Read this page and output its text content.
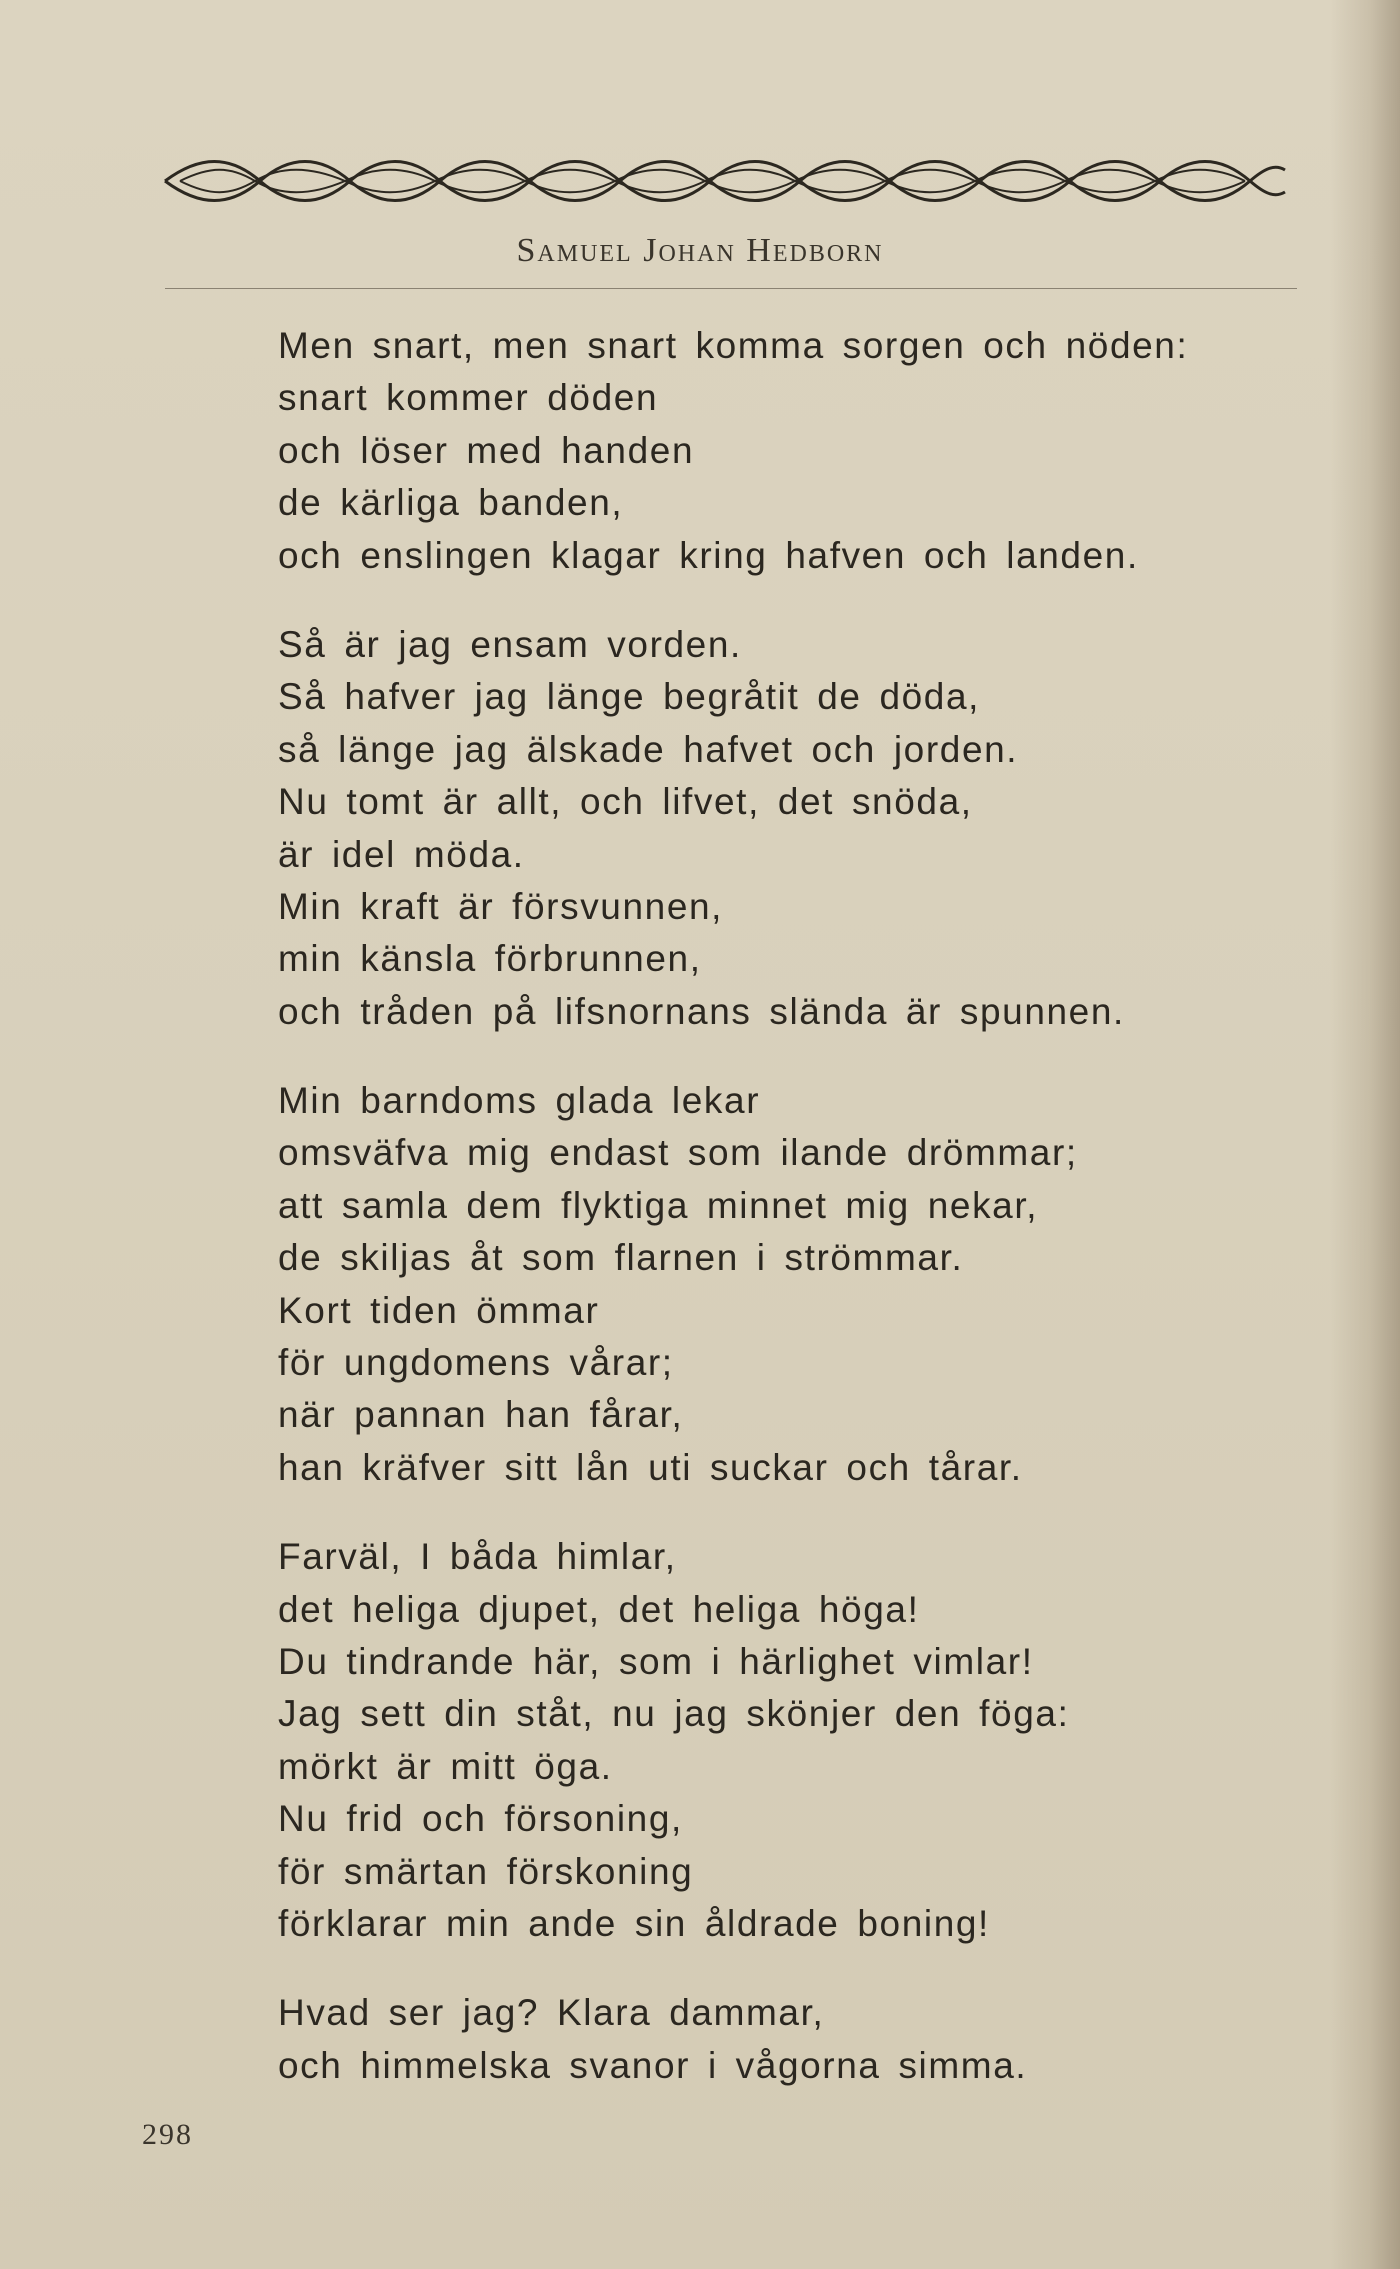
Samuel Johan Hedborn
Men snart, men snart komma sorgen och nöden:
snart kommer döden
och löser med handen
de kärliga banden,
och enslingen klagar kring hafven och landen.
Så är jag ensam vorden.
Så hafver jag länge begråtit de döda,
så länge jag älskade hafvet och jorden.
Nu tomt är allt, och lifvet, det snöda,
är idel möda.
Min kraft är försvunnen,
min känsla förbrunnen,
och tråden på lifsnornans slända är spunnen.
Min barndoms glada lekar
omsväfva mig endast som ilande drömmar;
att samla dem flyktiga minnet mig nekar,
de skiljas åt som flarnen i strömmar.
Kort tiden ömmar
för ungdomens vårar;
när pannan han fårar,
han kräfver sitt lån uti suckar och tårar.
Farväl, I båda himlar,
det heliga djupet, det heliga höga!
Du tindrande här, som i härlighet vimlar!
Jag sett din ståt, nu jag skönjer den föga:
mörkt är mitt öga.
Nu frid och försoning,
för smärtan förskoning
förklarar min ande sin åldrade boning!
Hvad ser jag? Klara dammar,
och himmelska svanor i vågorna simma.
298
